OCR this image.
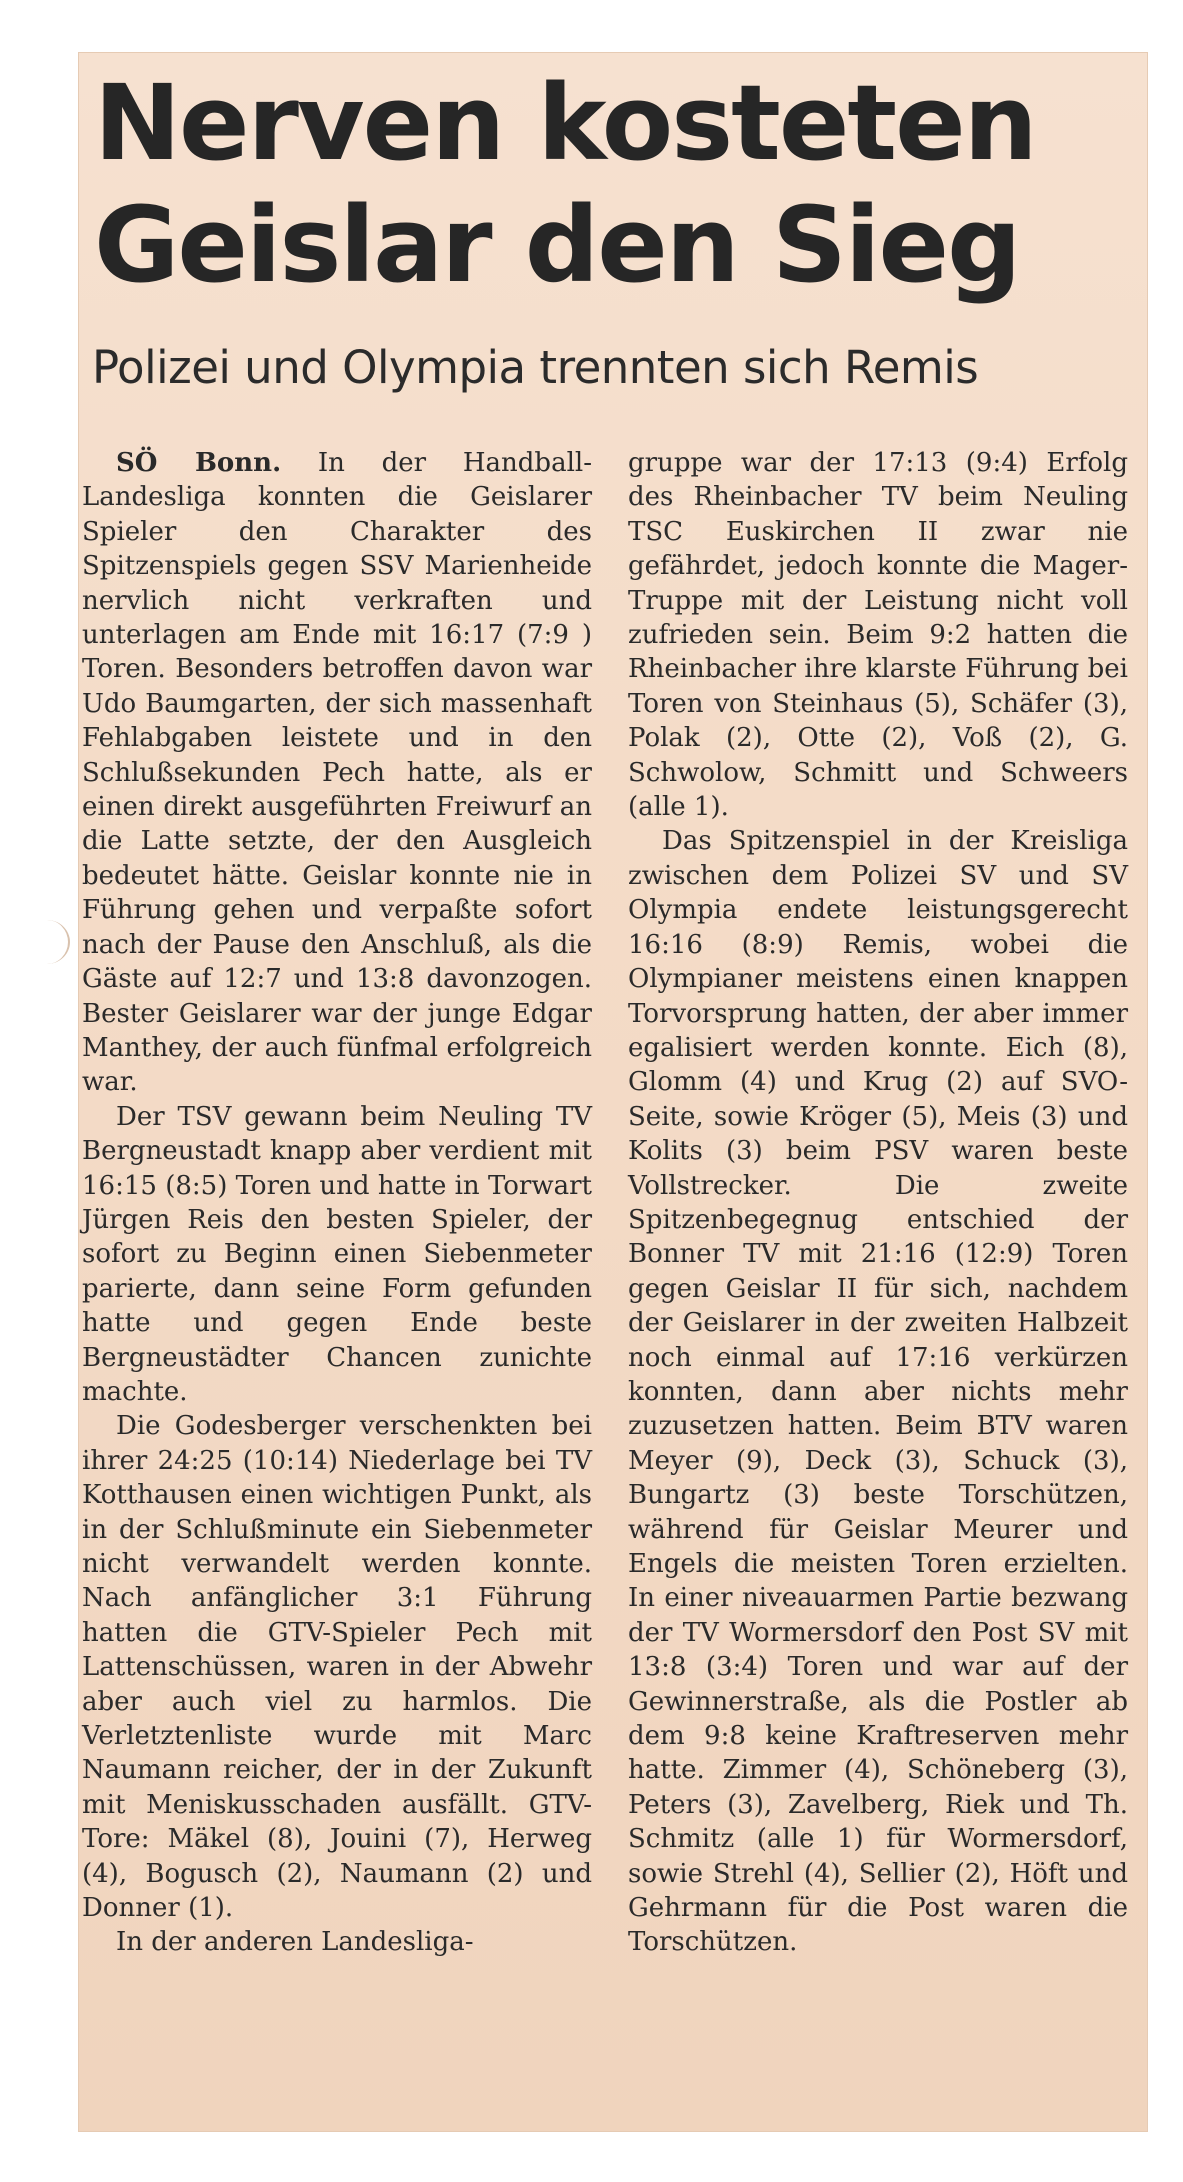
Nerven kosteten
Geislar den Sieg
Polizei und Olympia trennten sich Remis

SÖ Bonn. In der Handball-Landesliga konnten die Geislarer Spieler den Charakter des Spitzenspiels gegen SSV Marienheide nervlich nicht verkraften und unterlagen am Ende mit 16:17 (7:9 ) Toren. Besonders betroffen davon war Udo Baumgarten, der sich massenhaft Fehlabgaben leistete und in den Schlußsekunden Pech hatte, als er einen direkt ausgeführten Freiwurf an die Latte setzte, der den Ausgleich bedeutet hätte. Geislar konnte nie in Führung gehen und verpaßte sofort nach der Pause den Anschluß, als die Gäste auf 12:7 und 13:8 davonzogen. Bester Geislarer war der junge Edgar Manthey, der auch fünfmal erfolgreich war.

Der TSV gewann beim Neuling TV Bergneustadt knapp aber verdient mit 16:15 (8:5) Toren und hatte in Torwart Jürgen Reis den besten Spieler, der sofort zu Beginn einen Siebenmeter parierte, dann seine Form gefunden hatte und gegen Ende beste Bergneustädter Chancen zunichte machte.

Die Godesberger verschenkten bei ihrer 24:25 (10:14) Niederlage bei TV Kotthausen einen wichtigen Punkt, als in der Schlußminute ein Siebenmeter nicht verwandelt werden konnte. Nach anfänglicher 3:1 Führung hatten die GTV-Spieler Pech mit Lattenschüssen, waren in der Abwehr aber auch viel zu harmlos. Die Verletztenliste wurde mit Marc Naumann reicher, der in der Zukunft mit Meniskusschaden ausfällt. GTV-Tore: Mäkel (8), Jouini (7), Herweg (4), Bogusch (2), Naumann (2) und Donner (1).

In der anderen Landesliga-

gruppe war der 17:13 (9:4) Erfolg des Rheinbacher TV beim Neuling TSC Euskirchen II zwar nie gefährdet, jedoch konnte die Mager-Truppe mit der Leistung nicht voll zufrieden sein. Beim 9:2 hatten die Rheinbacher ihre klarste Führung bei Toren von Steinhaus (5), Schäfer (3), Polak (2), Otte (2), Voß (2), G. Schwolow, Schmitt und Schweers (alle 1).

Das Spitzenspiel in der Kreisliga zwischen dem Polizei SV und SV Olympia endete leistungsgerecht 16:16 (8:9) Remis, wobei die Olympianer meistens einen knappen Torvorsprung hatten, der aber immer egalisiert werden konnte. Eich (8), Glomm (4) und Krug (2) auf SVO-Seite, sowie Kröger (5), Meis (3) und Kolits (3) beim PSV waren beste Vollstrecker. Die zweite Spitzenbegegnug entschied der Bonner TV mit 21:16 (12:9) Toren gegen Geislar II für sich, nachdem der Geislarer in der zweiten Halbzeit noch einmal auf 17:16 verkürzen konnten, dann aber nichts mehr zuzusetzen hatten. Beim BTV waren Meyer (9), Deck (3), Schuck (3), Bungartz (3) beste Torschützen, während für Geislar Meurer und Engels die meisten Toren erzielten. In einer niveauarmen Partie bezwang der TV Wormersdorf den Post SV mit 13:8 (3:4) Toren und war auf der Gewinnerstraße, als die Postler ab dem 9:8 keine Kraftreserven mehr hatte. Zimmer (4), Schöneberg (3), Peters (3), Zavelberg, Riek und Th. Schmitz (alle 1) für Wormersdorf, sowie Strehl (4), Sellier (2), Höft und Gehrmann für die Post waren die Torschützen.
